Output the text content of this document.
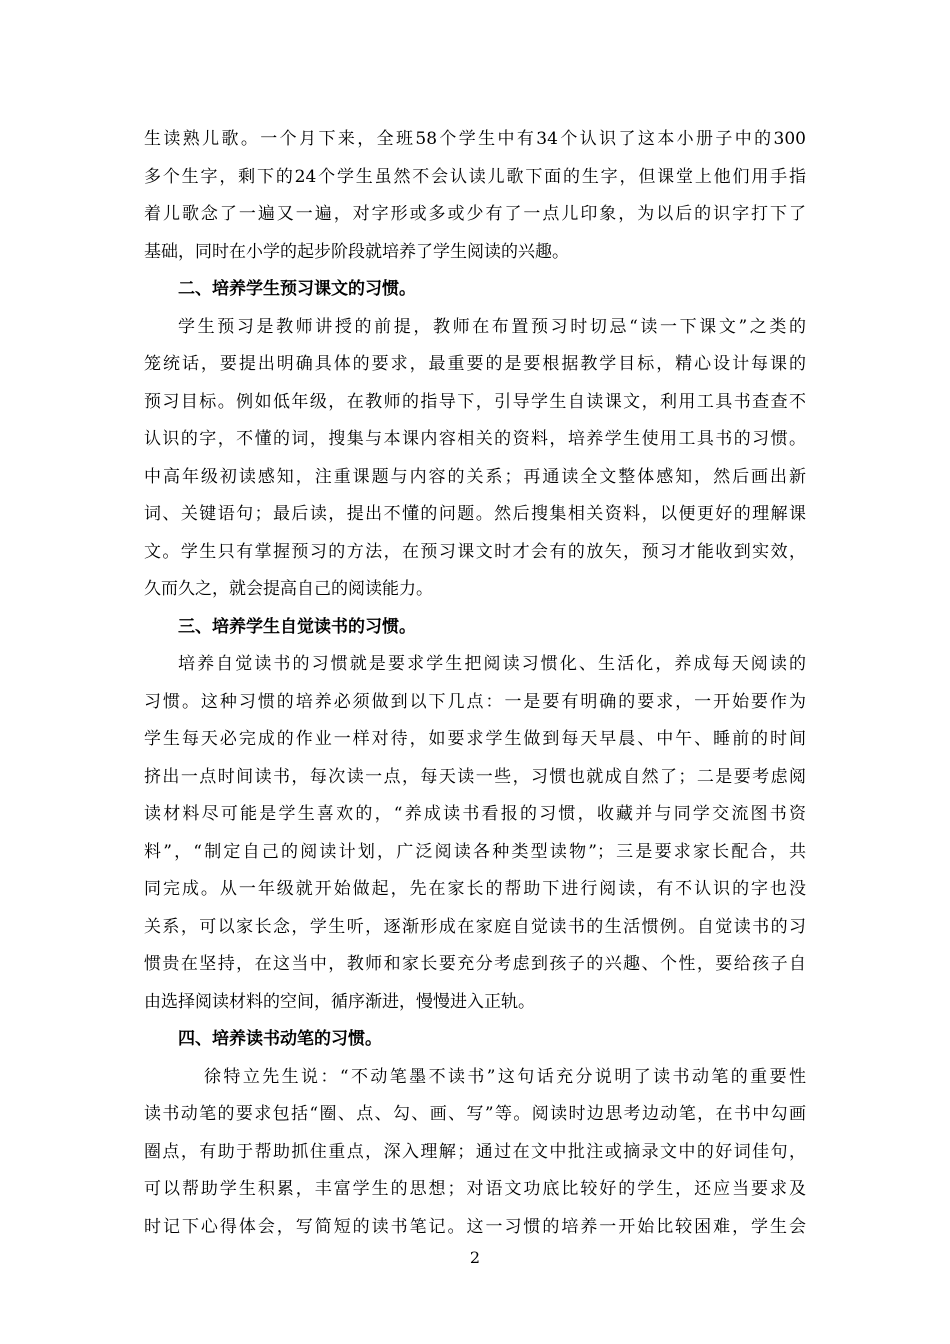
生读熟儿歌。一个月下来，全班58个学生中有34个认识了这本小册子中的300
多个生字，剩下的24个学生虽然不会认读儿歌下面的生字，但课堂上他们用手指
着儿歌念了一遍又一遍，对字形或多或少有了一点儿印象，为以后的识字打下了
基础，同时在小学的起步阶段就培养了学生阅读的兴趣。
二、培养学生预习课文的习惯。
学生预习是教师讲授的前提，教师在布置预习时切忌“读一下课文”之类的
笼统话，要提出明确具体的要求，最重要的是要根据教学目标，精心设计每课的
预习目标。例如低年级，在教师的指导下，引导学生自读课文，利用工具书查查不
认识的字，不懂的词，搜集与本课内容相关的资料，培养学生使用工具书的习惯。
中高年级初读感知，注重课题与内容的关系；再通读全文整体感知，然后画出新
词、关键语句；最后读，提出不懂的问题。然后搜集相关资料，以便更好的理解课
文。学生只有掌握预习的方法，在预习课文时才会有的放矢，预习才能收到实效，
久而久之，就会提高自己的阅读能力。
三、培养学生自觉读书的习惯。
培养自觉读书的习惯就是要求学生把阅读习惯化、生活化，养成每天阅读的
习惯。这种习惯的培养必须做到以下几点：一是要有明确的要求，一开始要作为
学生每天必完成的作业一样对待，如要求学生做到每天早晨、中午、睡前的时间
挤出一点时间读书，每次读一点，每天读一些，习惯也就成自然了；二是要考虑阅
读材料尽可能是学生喜欢的，“养成读书看报的习惯，收藏并与同学交流图书资
料”，“制定自己的阅读计划，广泛阅读各种类型读物”；三是要求家长配合，共
同完成。从一年级就开始做起，先在家长的帮助下进行阅读，有不认识的字也没
关系，可以家长念，学生听，逐渐形成在家庭自觉读书的生活惯例。自觉读书的习
惯贵在坚持，在这当中，教师和家长要充分考虑到孩子的兴趣、个性，要给孩子自
由选择阅读材料的空间，循序渐进，慢慢进入正轨。
四、培养读书动笔的习惯。
徐特立先生说：“不动笔墨不读书”这句话充分说明了读书动笔的重要性
读书动笔的要求包括“圈、点、勾、画、写”等。阅读时边思考边动笔，在书中勾画
圈点，有助于帮助抓住重点，深入理解；通过在文中批注或摘录文中的好词佳句，
可以帮助学生积累，丰富学生的思想；对语文功底比较好的学生，还应当要求及
时记下心得体会，写简短的读书笔记。这一习惯的培养一开始比较困难，学生会
2
